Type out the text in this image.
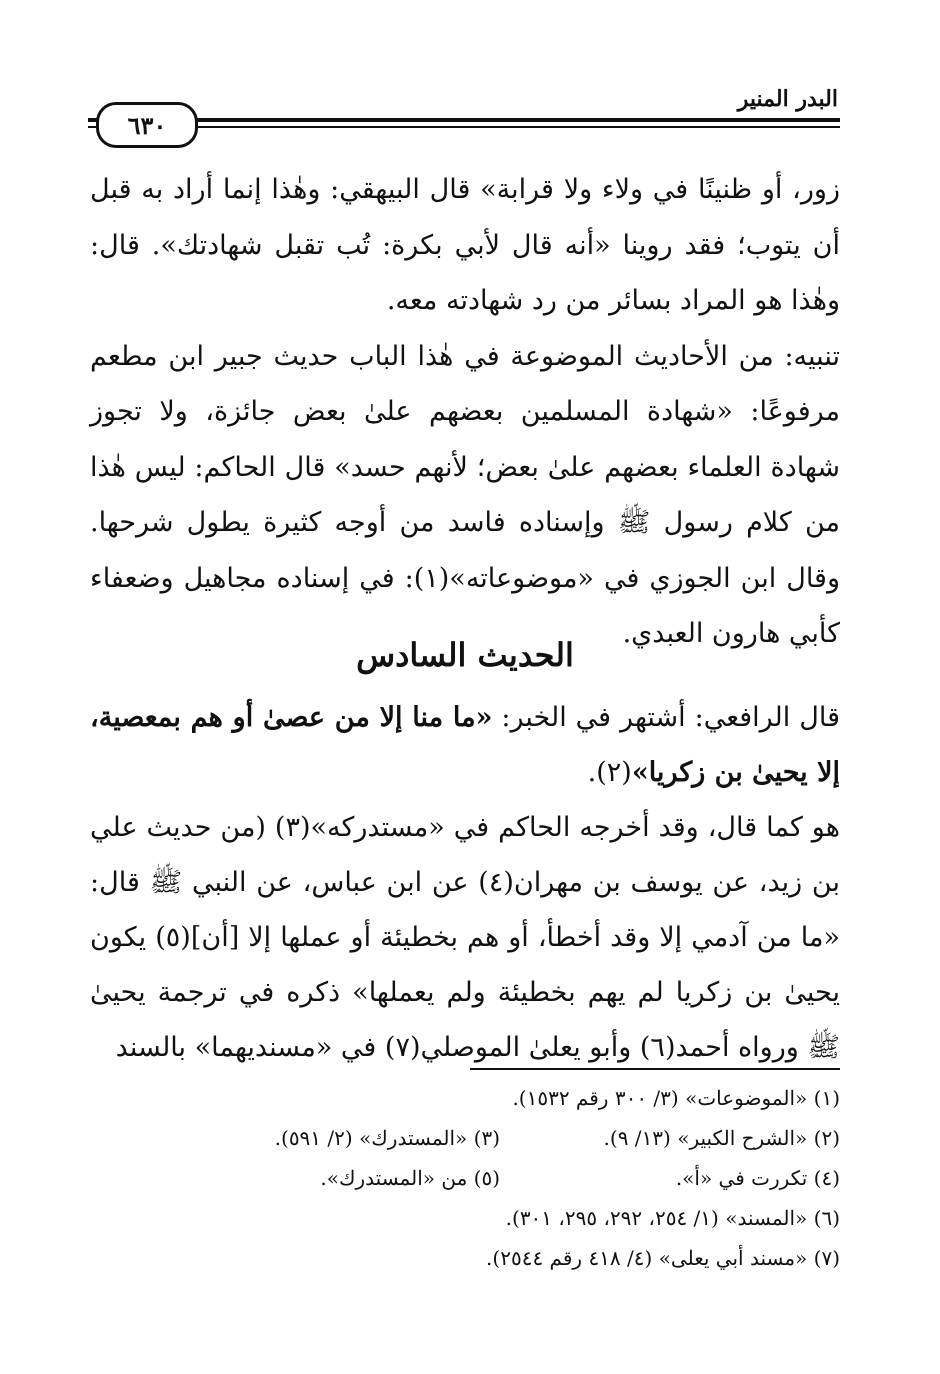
البدر المنير
٦٣٠

زور، أو ظنينًا في ولاء ولا قرابة» قال البيهقي: وهٰذا إنما أراد به قبل أن يتوب؛ فقد روينا «أنه قال لأبي بكرة: تُب تقبل شهادتك». قال: وهٰذا هو المراد بسائر من رد شهادته معه.

تنبيه: من الأحاديث الموضوعة في هٰذا الباب حديث جبير ابن مطعم مرفوعًا: «شهادة المسلمين بعضهم علىٰ بعض جائزة، ولا تجوز شهادة العلماء بعضهم علىٰ بعض؛ لأنهم حسد» قال الحاكم: ليس هٰذا من كلام رسول ﷺ وإسناده فاسد من أوجه كثيرة يطول شرحها. وقال ابن الجوزي في «موضوعاته»(١): في إسناده مجاهيل وضعفاء كأبي هارون العبدي.

الحديث السادس

قال الرافعي: أشتهر في الخبر: «ما منا إلا من عصىٰ أو هم بمعصية، إلا يحيىٰ بن زكريا»(٢).

هو كما قال، وقد أخرجه الحاكم في «مستدركه»(٣) (من حديث علي بن زيد، عن يوسف بن مهران(٤) عن ابن عباس، عن النبي ﷺ قال: «ما من آدمي إلا وقد أخطأ، أو هم بخطيئة أو عملها إلا [أن](٥) يكون يحيىٰ بن زكريا لم يهم بخطيئة ولم يعملها» ذكره في ترجمة يحيىٰ ﷺ ورواه أحمد(٦) وأبو يعلىٰ الموصلي(٧) في «مسنديهما» بالسند

(١) «الموضوعات» (٣/ ٣٠٠ رقم ١٥٣٢).
(٢) «الشرح الكبير» (١٣/ ٩).
(٣) «المستدرك» (٢/ ٥٩١).
(٤) تكررت في «أ».
(٥) من «المستدرك».
(٦) «المسند» (١/ ٢٥٤، ٢٩٢، ٢٩٥، ٣٠١).
(٧) «مسند أبي يعلى» (٤/ ٤١٨ رقم ٢٥٤٤).
